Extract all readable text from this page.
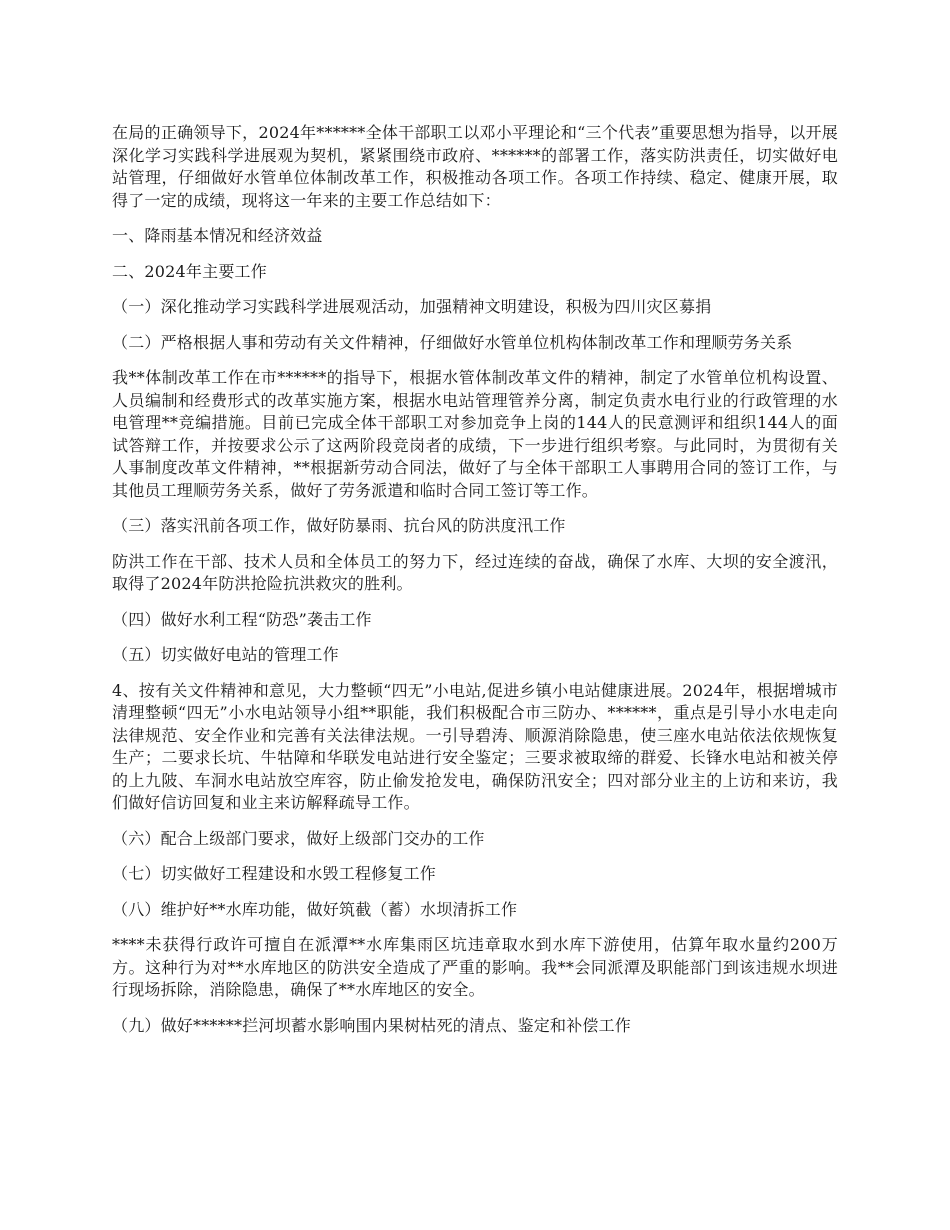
在局的正确领导下，2024年******全体干部职工以邓小平理论和“三个代表”重要思想为指导，以开展深化学习实践科学进展观为契机，紧紧围绕市政府、******的部署工作，落实防洪责任，切实做好电站管理，仔细做好水管单位体制改革工作，积极推动各项工作。各项工作持续、稳定、健康开展，取得了一定的成绩，现将这一年来的主要工作总结如下：

一、降雨基本情况和经济效益

二、2024年主要工作

（一）深化推动学习实践科学进展观活动，加强精神文明建设，积极为四川灾区募捐

（二）严格根据人事和劳动有关文件精神，仔细做好水管单位机构体制改革工作和理顺劳务关系

我**体制改革工作在市******的指导下，根据水管体制改革文件的精神，制定了水管单位机构设置、人员编制和经费形式的改革实施方案，根据水电站管理管养分离，制定负责水电行业的行政管理的水电管理**竞编措施。目前已完成全体干部职工对参加竞争上岗的144人的民意测评和组织144人的面试答辩工作，并按要求公示了这两阶段竞岗者的成绩，下一步进行组织考察。与此同时，为贯彻有关人事制度改革文件精神，**根据新劳动合同法，做好了与全体干部职工人事聘用合同的签订工作，与其他员工理顺劳务关系，做好了劳务派遣和临时合同工签订等工作。

（三）落实汛前各项工作，做好防暴雨、抗台风的防洪度汛工作

防洪工作在干部、技术人员和全体员工的努力下，经过连续的奋战，确保了水库、大坝的安全渡汛，取得了2024年防洪抢险抗洪救灾的胜利。

（四）做好水利工程“防恐”袭击工作

（五）切实做好电站的管理工作

4、按有关文件精神和意见，大力整顿“四无”小电站,促进乡镇小电站健康进展。2024年，根据增城市清理整顿“四无”小水电站领导小组**职能，我们积极配合市三防办、******，重点是引导小水电走向法律规范、安全作业和完善有关法律法规。一引导碧涛、顺源消除隐患，使三座水电站依法依规恢复生产；二要求长坑、牛牯障和华联发电站进行安全鉴定；三要求被取缔的群爱、长锋水电站和被关停的上九陂、车洞水电站放空库容，防止偷发抢发电，确保防汛安全；四对部分业主的上访和来访，我们做好信访回复和业主来访解释疏导工作。

（六）配合上级部门要求，做好上级部门交办的工作

（七）切实做好工程建设和水毁工程修复工作

（八）维护好**水库功能，做好筑截（蓄）水坝清拆工作

****未获得行政许可擅自在派潭**水库集雨区坑违章取水到水库下游使用，估算年取水量约200万方。这种行为对**水库地区的防洪安全造成了严重的影响。我**会同派潭及职能部门到该违规水坝进行现场拆除，消除隐患，确保了**水库地区的安全。

（九）做好******拦河坝蓄水影响围内果树枯死的清点、鉴定和补偿工作
